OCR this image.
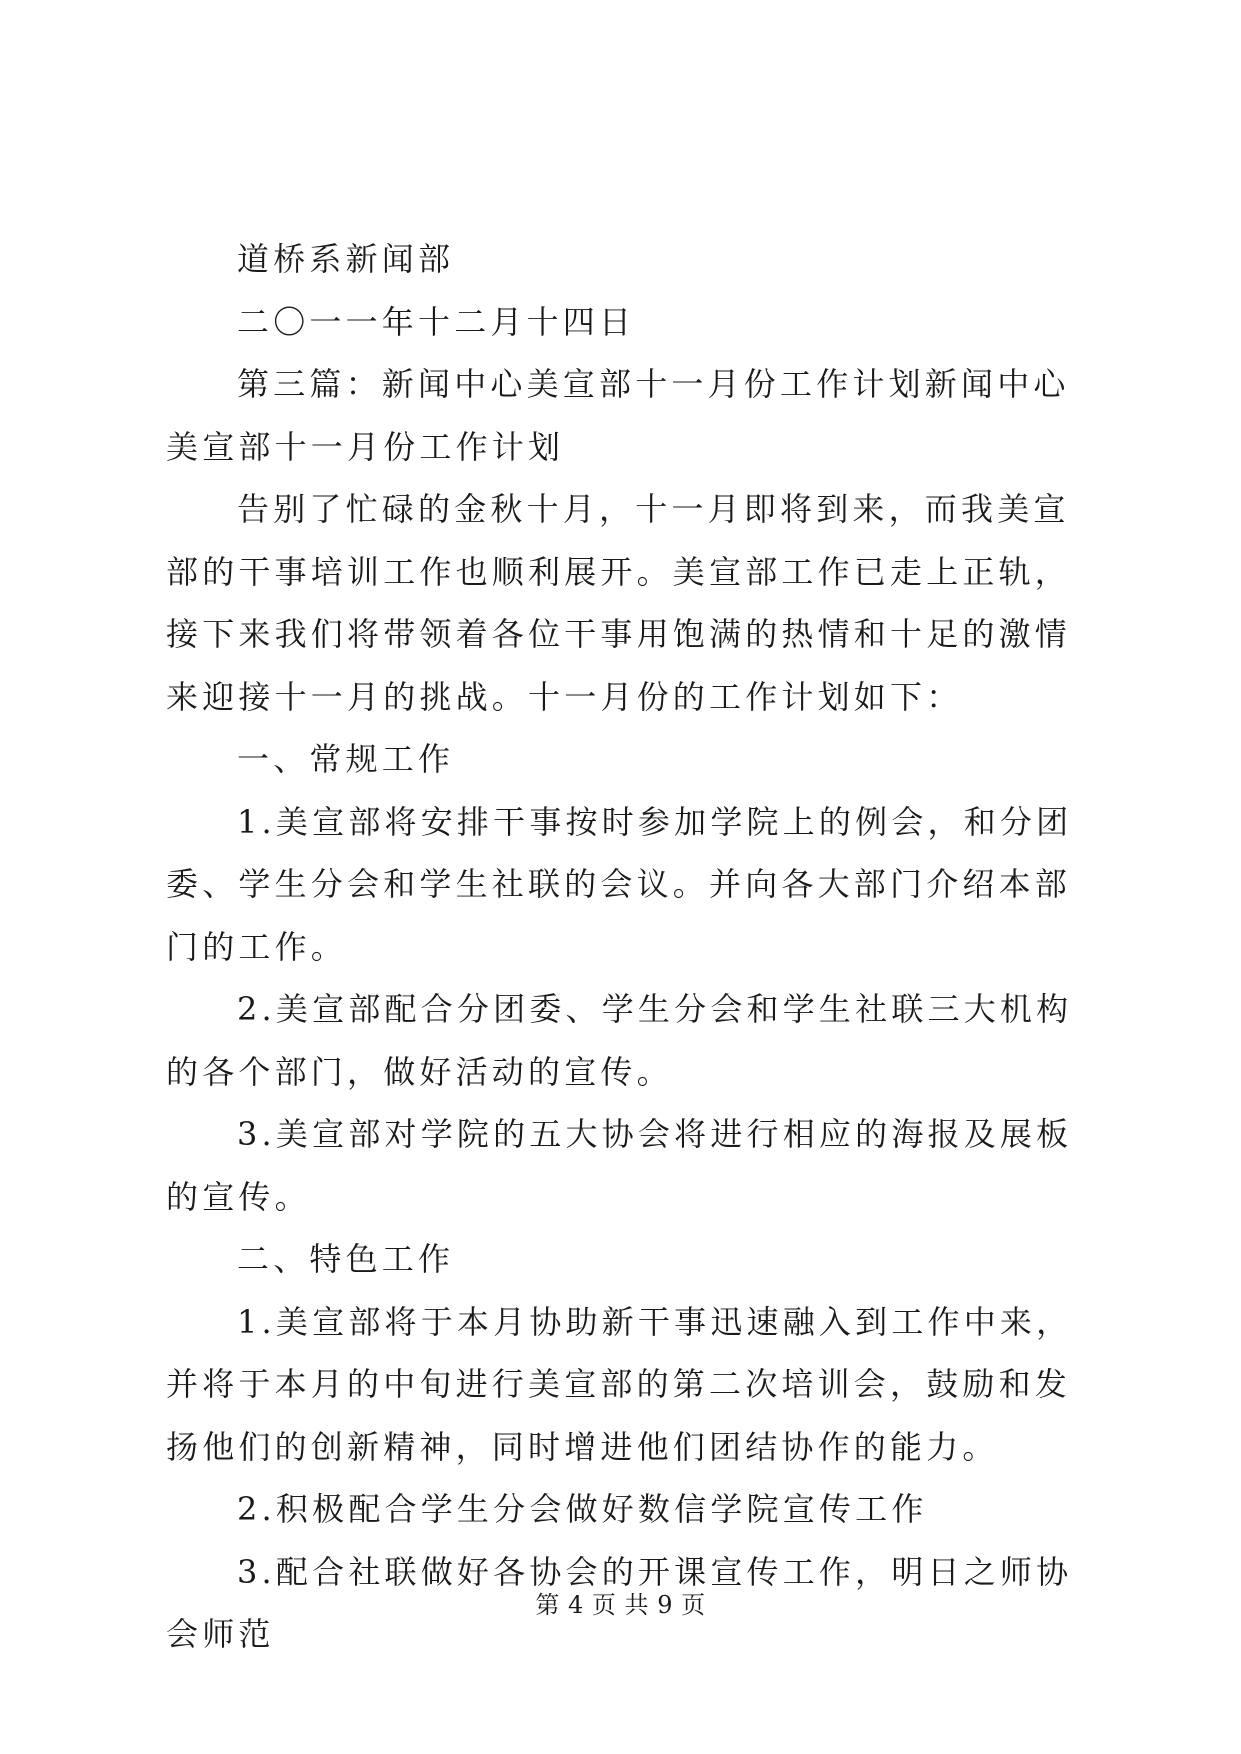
道桥系新闻部

二〇一一年十二月十四日

第三篇：新闻中心美宣部十一月份工作计划新闻中心美宣部十一月份工作计划

告别了忙碌的金秋十月，十一月即将到来，而我美宣部的干事培训工作也顺利展开。美宣部工作已走上正轨，接下来我们将带领着各位干事用饱满的热情和十足的激情来迎接十一月的挑战。十一月份的工作计划如下：

一、常规工作

1.美宣部将安排干事按时参加学院上的例会，和分团委、学生分会和学生社联的会议。并向各大部门介绍本部门的工作。

2.美宣部配合分团委、学生分会和学生社联三大机构的各个部门，做好活动的宣传。

3.美宣部对学院的五大协会将进行相应的海报及展板的宣传。

二、特色工作

1.美宣部将于本月协助新干事迅速融入到工作中来，并将于本月的中旬进行美宣部的第二次培训会，鼓励和发扬他们的创新精神，同时增进他们团结协作的能力。

2.积极配合学生分会做好数信学院宣传工作

3.配合社联做好各协会的开课宣传工作，明日之师协会师范

第 4 页 共 9 页
